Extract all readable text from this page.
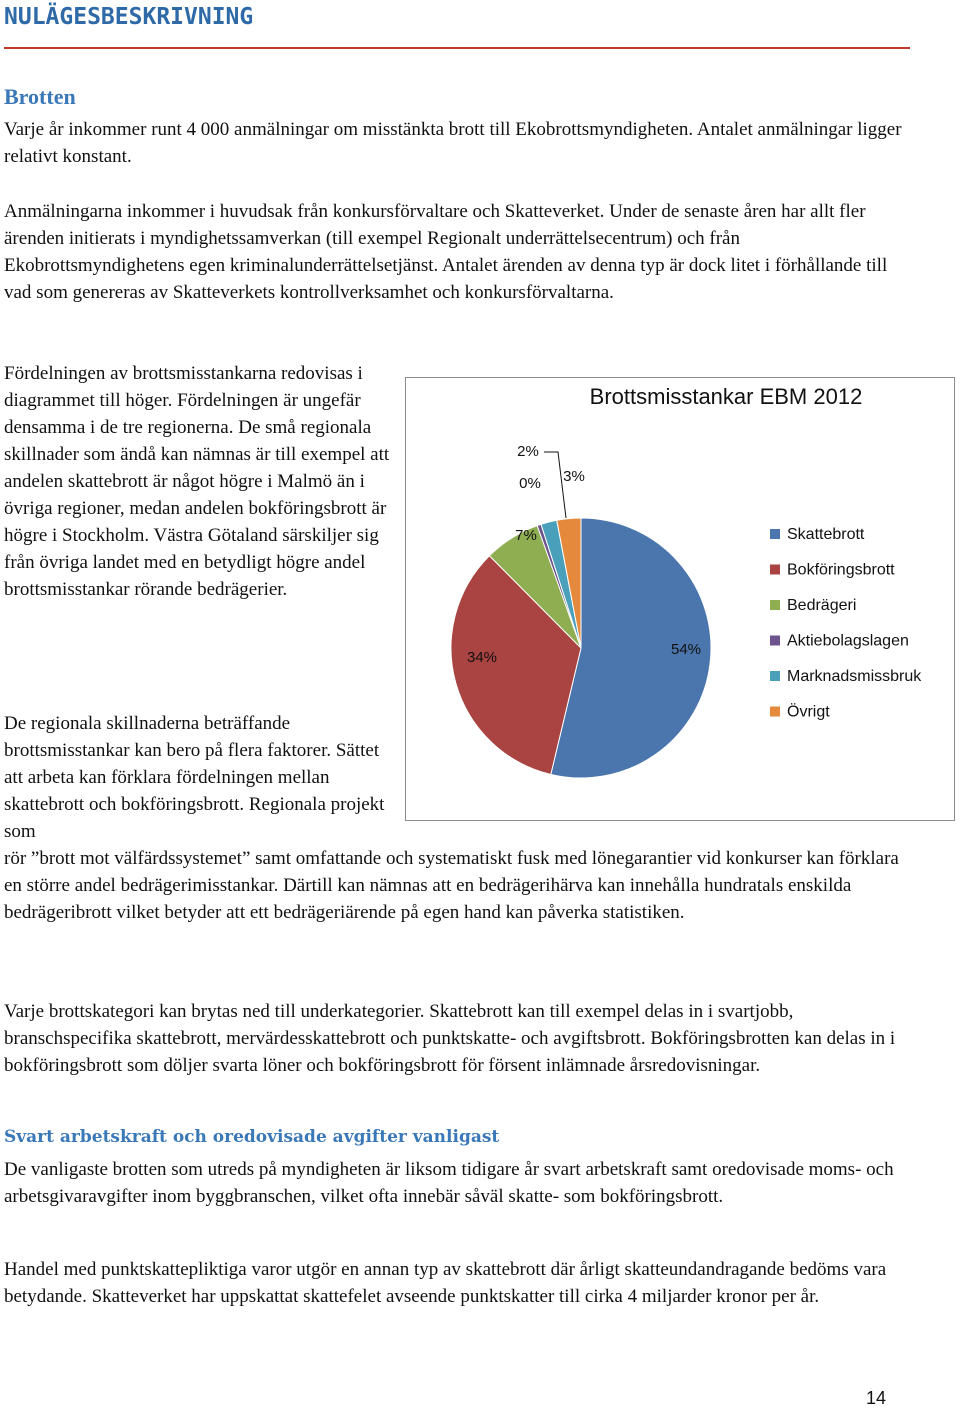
NULÄGESBESKRIVNING
Brotten

Varje år inkommer runt 4 000 anmälningar om misstänkta brott till Ekobrottsmyndigheten. Antalet anmälningar ligger relativt konstant.

Anmälningarna inkommer i huvudsak från konkursförvaltare och Skatteverket. Under de senaste åren har allt fler ärenden initierats i myndighetssamverkan (till exempel Regionalt underrättelsecentrum) och från Ekobrottsmyndighetens egen kriminalunderrättelsetjänst. Antalet ärenden av denna typ är dock litet i förhållande till vad som genereras av Skatteverkets kontrollverksamhet och konkursförvaltarna.

Fördelningen av brottsmisstankarna redovisas i diagrammet till höger. Fördelningen är ungefär densamma i de tre regionerna. De små regionala skillnader som ändå kan nämnas är till exempel att andelen skattebrott är något högre i Malmö än i övriga regioner, medan andelen bokföringsbrott är högre i Stockholm. Västra Götaland särskiljer sig från övriga landet med en betydligt högre andel brottsmisstankar rörande bedrägerier.

De regionala skillnaderna beträffande brottsmisstankar kan bero på flera faktorer. Sättet att arbeta kan förklara fördelningen mellan skattebrott och bokföringsbrott. Regionala projekt som

rör ”brott mot välfärdssystemet” samt omfattande och systematiskt fusk med lönegarantier vid konkurser kan förklara en större andel bedrägerimisstankar. Därtill kan nämnas att en bedrägerihärva kan innehålla hundratals enskilda bedrägeribrott vilket betyder att ett bedrägeriärende på egen hand kan påverka statistiken.

Varje brottskategori kan brytas ned till underkategorier. Skattebrott kan till exempel delas in i svartjobb, branschspecifika skattebrott, mervärdesskattebrott och punktskatte- och avgiftsbrott. Bokföringsbrotten kan delas in i bokföringsbrott som döljer svarta löner och bokföringsbrott för försent inlämnade årsredovisningar.

Svart arbetskraft och oredovisade avgifter vanligast

De vanligaste brotten som utreds på myndigheten är liksom tidigare år svart arbetskraft samt oredovisade moms- och arbetsgivaravgifter inom byggbranschen, vilket ofta innebär såväl skatte- som bokföringsbrott.

Handel med punktskattepliktiga varor utgör en annan typ av skattebrott där årligt skatteundandragande bedöms vara betydande. Skatteverket har uppskattat skattefelet avseende punktskatter till cirka 4 miljarder kronor per år.

Brottsmisstankar EBM 2012
54%
34%
7%
0%
2%
3%
Skattebrott
Bokföringsbrott
Bedrägeri
Aktiebolagslagen
Marknadsmissbruk
Övrigt
14
